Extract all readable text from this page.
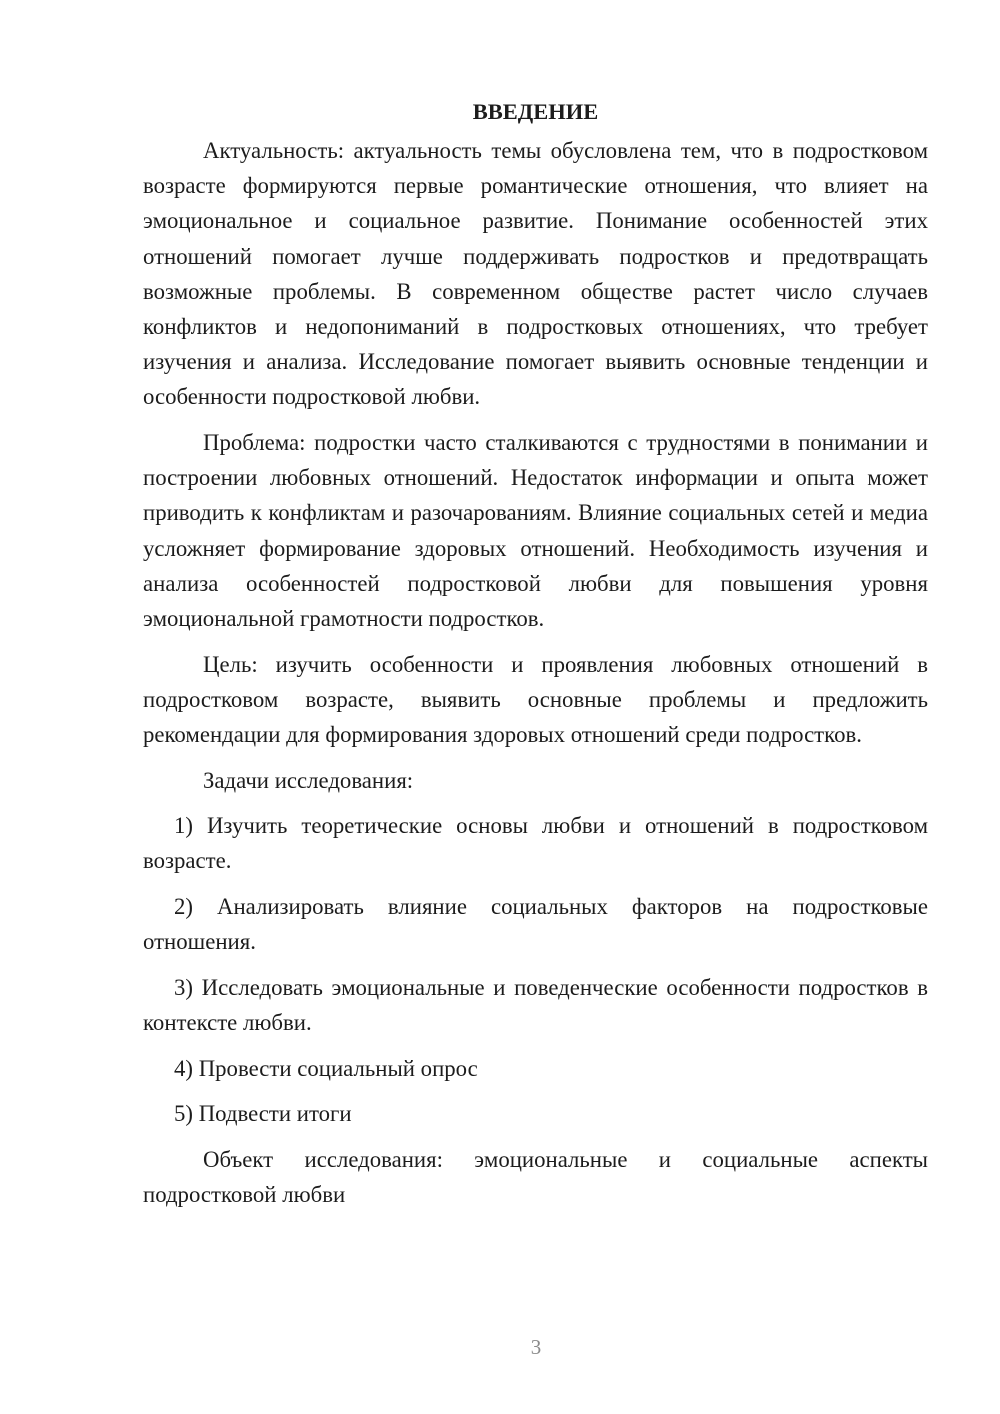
ВВЕДЕНИЕ

Актуальность: актуальность темы обусловлена тем, что в подростковом возрасте формируются первые романтические отношения, что влияет на эмоциональное и социальное развитие. Понимание особенностей этих отношений помогает лучше поддерживать подростков и предотвращать возможные проблемы. В современном обществе растет число случаев конфликтов и недопониманий в подростковых отношениях, что требует изучения и анализа. Исследование помогает выявить основные тенденции и особенности подростковой любви.

Проблема: подростки часто сталкиваются с трудностями в понимании и построении любовных отношений. Недостаток информации и опыта может приводить к конфликтам и разочарованиям. Влияние социальных сетей и медиа усложняет формирование здоровых отношений. Необходимость изучения и анализа особенностей подростковой любви для повышения уровня эмоциональной грамотности подростков.

Цель: изучить особенности и проявления любовных отношений в подростковом возрасте, выявить основные проблемы и предложить рекомендации для формирования здоровых отношений среди подростков.

Задачи исследования:

1) Изучить теоретические основы любви и отношений в подростковом возрасте.

2) Анализировать влияние социальных факторов на подростковые отношения.

3) Исследовать эмоциональные и поведенческие особенности подростков в контексте любви.

4) Провести социальный опрос

5) Подвести итоги

Объект исследования: эмоциональные и социальные аспекты подростковой любви

3
